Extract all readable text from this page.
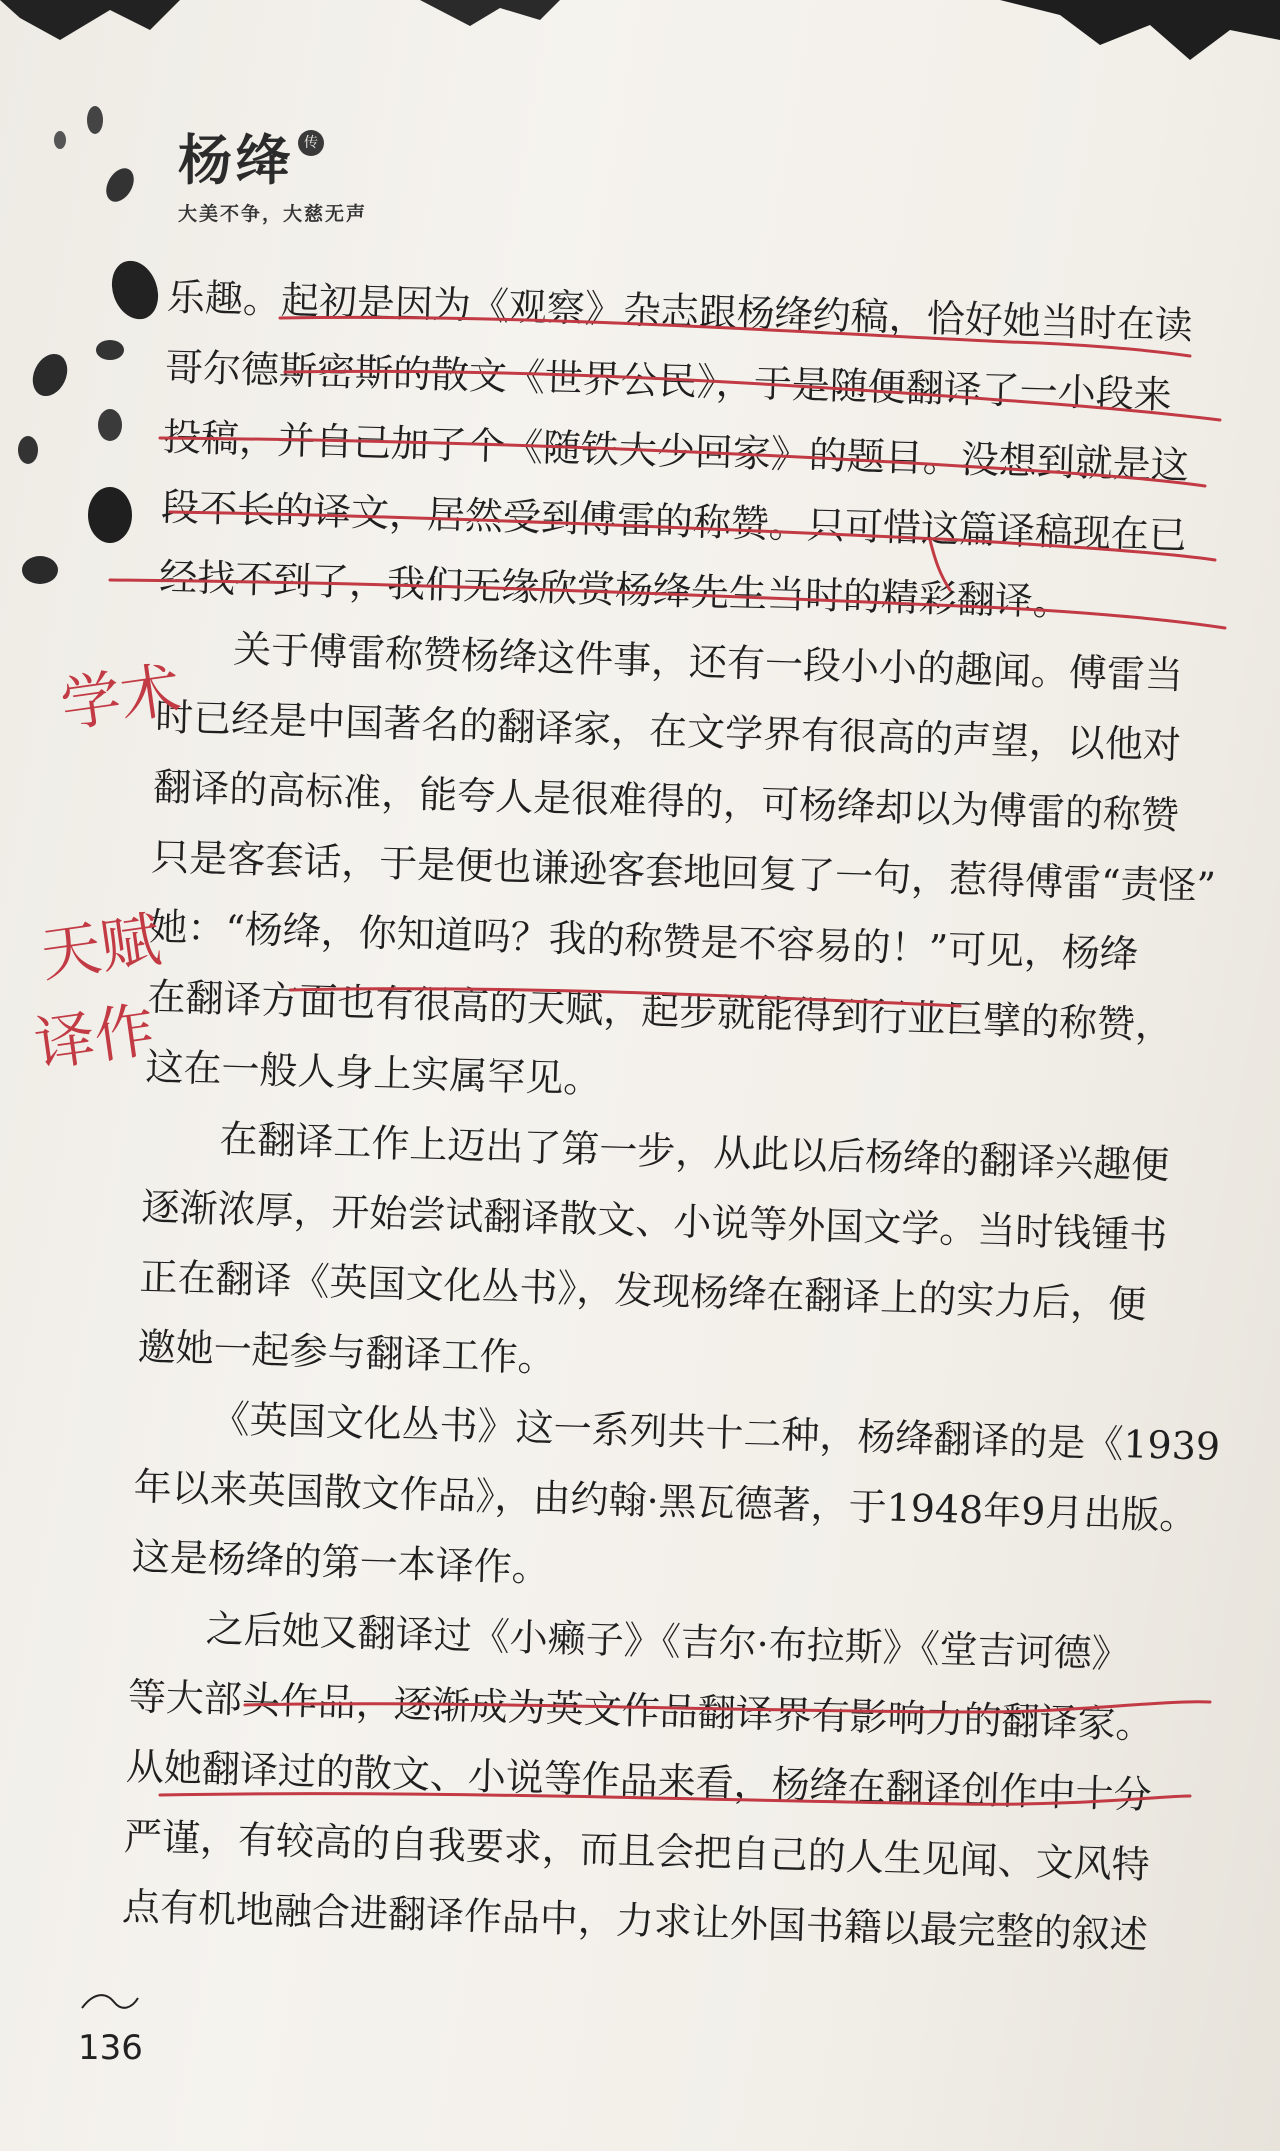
杨绛 传
大美不争，大慈无声
乐趣。起初是因为《观察》杂志跟杨绛约稿，恰好她当时在读
哥尔德斯密斯的散文《世界公民》，于是随便翻译了一小段来
投稿，并自己加了个《随铁大少回家》的题目。没想到就是这
段不长的译文，居然受到傅雷的称赞。只可惜这篇译稿现在已
经找不到了，我们无缘欣赏杨绛先生当时的精彩翻译。
关于傅雷称赞杨绛这件事，还有一段小小的趣闻。傅雷当
时已经是中国著名的翻译家，在文学界有很高的声望，以他对
翻译的高标准，能夸人是很难得的，可杨绛却以为傅雷的称赞
只是客套话，于是便也谦逊客套地回复了一句，惹得傅雷“责怪”
她：“杨绛，你知道吗？我的称赞是不容易的！”可见，杨绛
在翻译方面也有很高的天赋，起步就能得到行业巨擘的称赞，
这在一般人身上实属罕见。
在翻译工作上迈出了第一步，从此以后杨绛的翻译兴趣便
逐渐浓厚，开始尝试翻译散文、小说等外国文学。当时钱锺书
正在翻译《英国文化丛书》，发现杨绛在翻译上的实力后，便
邀她一起参与翻译工作。
《英国文化丛书》这一系列共十二种，杨绛翻译的是《1939
年以来英国散文作品》，由约翰·黑瓦德著，于1948年9月出版。
这是杨绛的第一本译作。
之后她又翻译过《小癞子》《吉尔·布拉斯》《堂吉诃德》
等大部头作品，逐渐成为英文作品翻译界有影响力的翻译家。
从她翻译过的散文、小说等作品来看，杨绛在翻译创作中十分
严谨，有较高的自我要求，而且会把自己的人生见闻、文风特
点有机地融合进翻译作品中，力求让外国书籍以最完整的叙述
学术
天赋
译作
136
